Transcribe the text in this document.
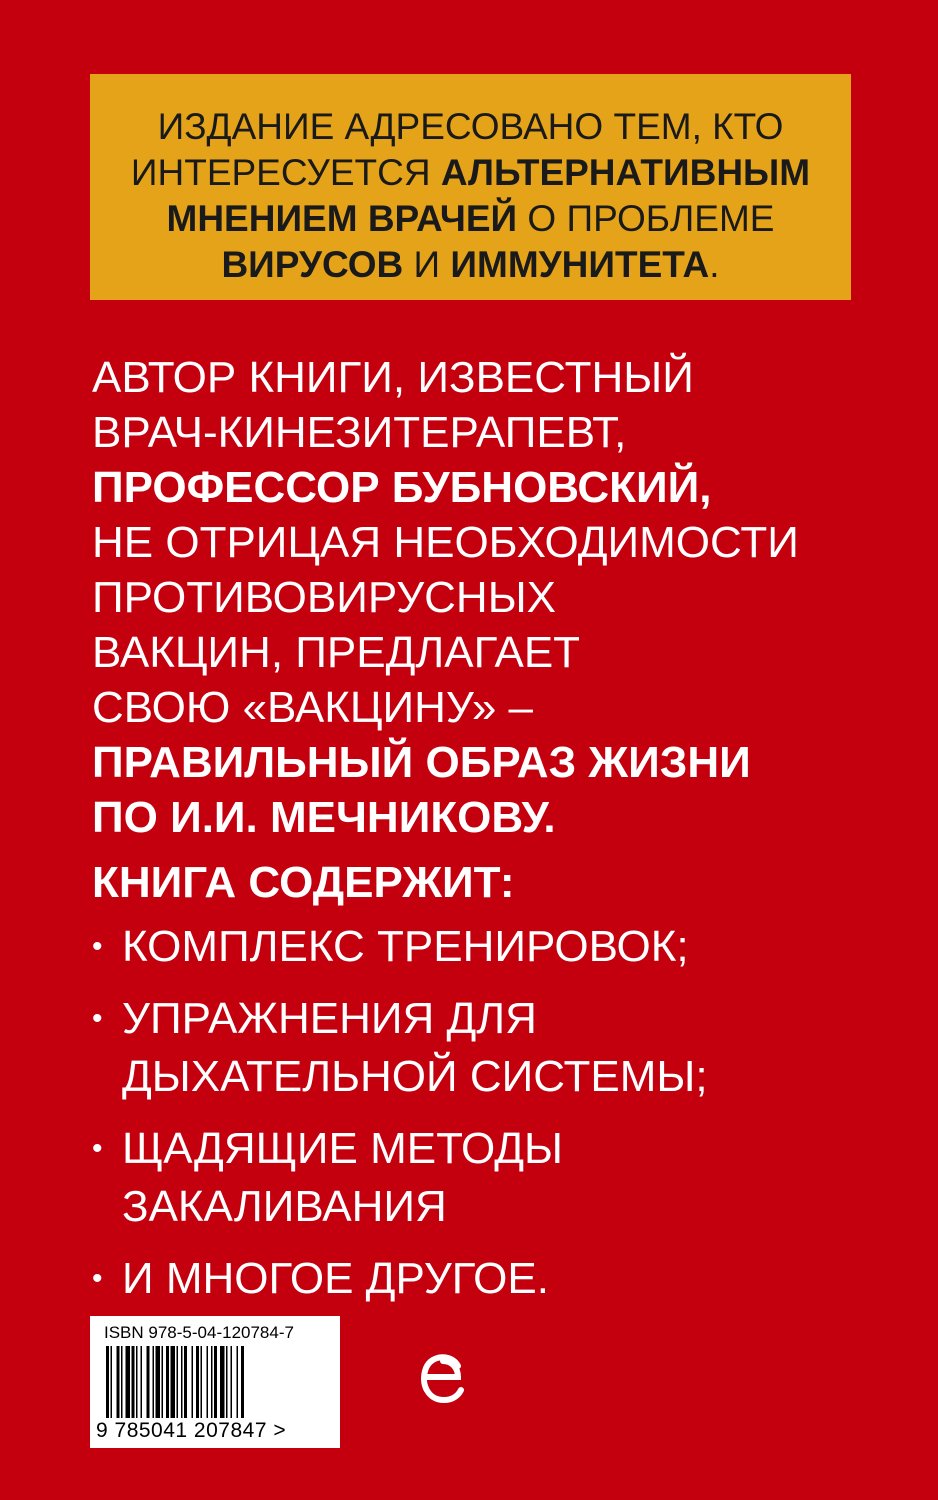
ИЗДАНИЕ АДРЕСОВАНО ТЕМ, КТО
ИНТЕРЕСУЕТСЯ АЛЬТЕРНАТИВНЫМ
МНЕНИЕМ ВРАЧЕЙ О ПРОБЛЕМЕ
ВИРУСОВ И ИММУНИТЕТА.
АВТОР КНИГИ, ИЗВЕСТНЫЙ
ВРАЧ-КИНЕЗИТЕРАПЕВТ,
ПРОФЕССОР БУБНОВСКИЙ,
НЕ ОТРИЦАЯ НЕОБХОДИМОСТИ
ПРОТИВОВИРУСНЫХ
ВАКЦИН, ПРЕДЛАГАЕТ
СВОЮ «ВАКЦИНУ» –
ПРАВИЛЬНЫЙ ОБРАЗ ЖИЗНИ
ПО И.И. МЕЧНИКОВУ.
КНИГА СОДЕРЖИТ:
• КОМПЛЕКС ТРЕНИРОВОК;
• УПРАЖНЕНИЯ ДЛЯ
ДЫХАТЕЛЬНОЙ СИСТЕМЫ;
• ЩАДЯЩИЕ МЕТОДЫ
ЗАКАЛИВАНИЯ
• И МНОГОЕ ДРУГОЕ.
ISBN 978-5-04-120784-7
9 785041 207847 >
